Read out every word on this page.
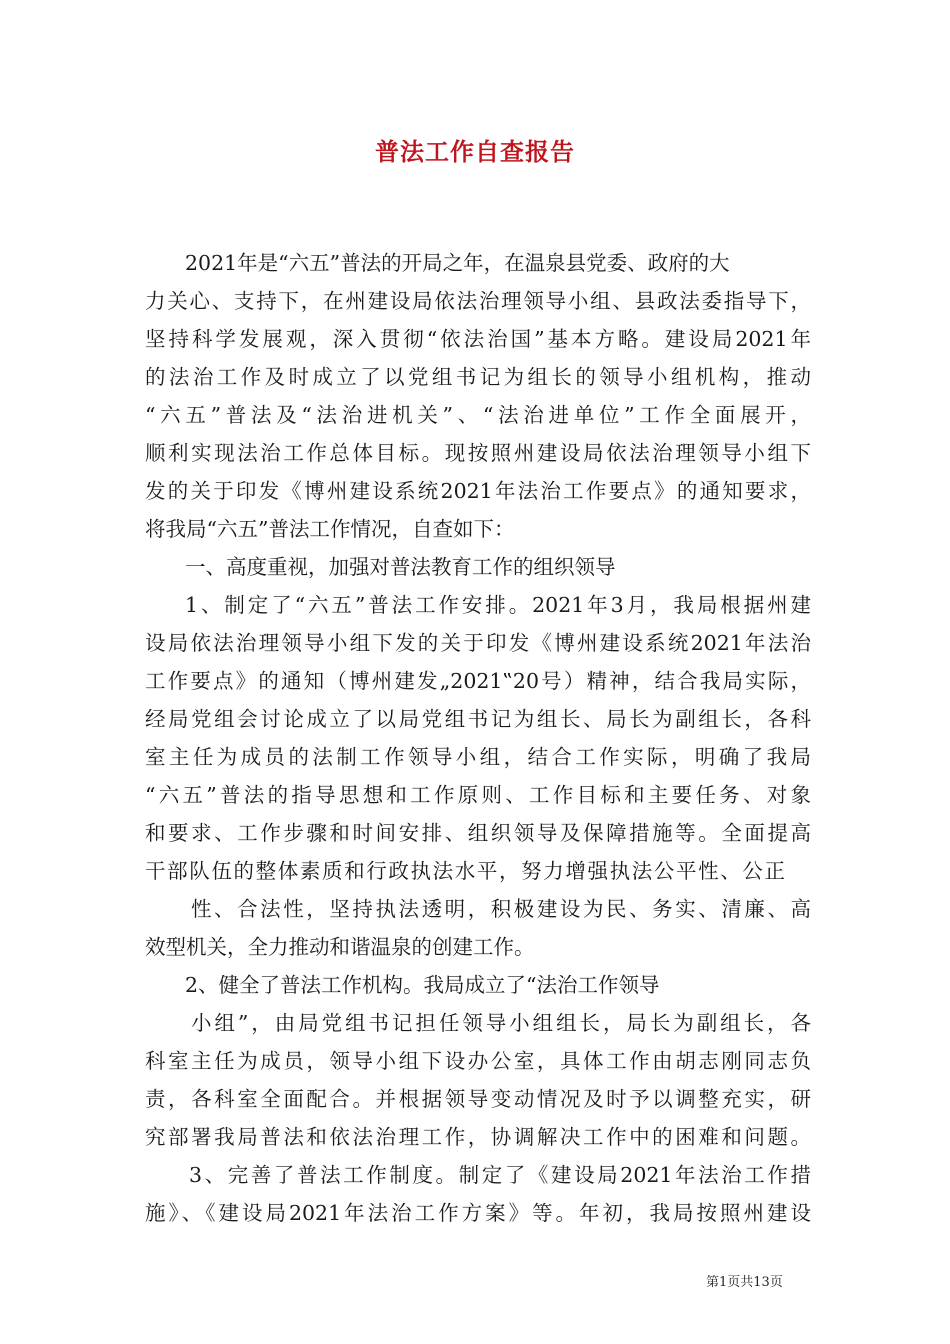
普法工作自查报告
2021年是“六五”普法的开局之年，在温泉县党委、政府的大
力关心、支持下，在州建设局依法治理领导小组、县政法委指导下，
坚持科学发展观，深入贯彻“依法治国”基本方略。建设局2021年
的法治工作及时成立了以党组书记为组长的领导小组机构，推动
“六五”普法及“法治进机关”、“法治进单位”工作全面展开，
顺利实现法治工作总体目标。现按照州建设局依法治理领导小组下
发的关于印发《博州建设系统2021年法治工作要点》的通知要求，
将我局“六五”普法工作情况，自查如下：
一、高度重视，加强对普法教育工作的组织领导
1、制定了“六五”普法工作安排。2021年3月，我局根据州建
设局依法治理领导小组下发的关于印发《博州建设系统2021年法治
工作要点》的通知（博州建发„2021‟20号）精神，结合我局实际，
经局党组会讨论成立了以局党组书记为组长、局长为副组长，各科
室主任为成员的法制工作领导小组，结合工作实际，明确了我局
“六五”普法的指导思想和工作原则、工作目标和主要任务、对象
和要求、工作步骤和时间安排、组织领导及保障措施等。全面提高
干部队伍的整体素质和行政执法水平，努力增强执法公平性、公正
性、合法性，坚持执法透明，积极建设为民、务实、清廉、高
效型机关，全力推动和谐温泉的创建工作。
2、健全了普法工作机构。我局成立了“法治工作领导
小组”，由局党组书记担任领导小组组长，局长为副组长，各
科室主任为成员，领导小组下设办公室，具体工作由胡志刚同志负
责，各科室全面配合。并根据领导变动情况及时予以调整充实，研
究部署我局普法和依法治理工作，协调解决工作中的困难和问题。
3、完善了普法工作制度。制定了《建设局2021年法治工作措
施》、《建设局2021年法治工作方案》等。年初，我局按照州建设
第1页共13页
